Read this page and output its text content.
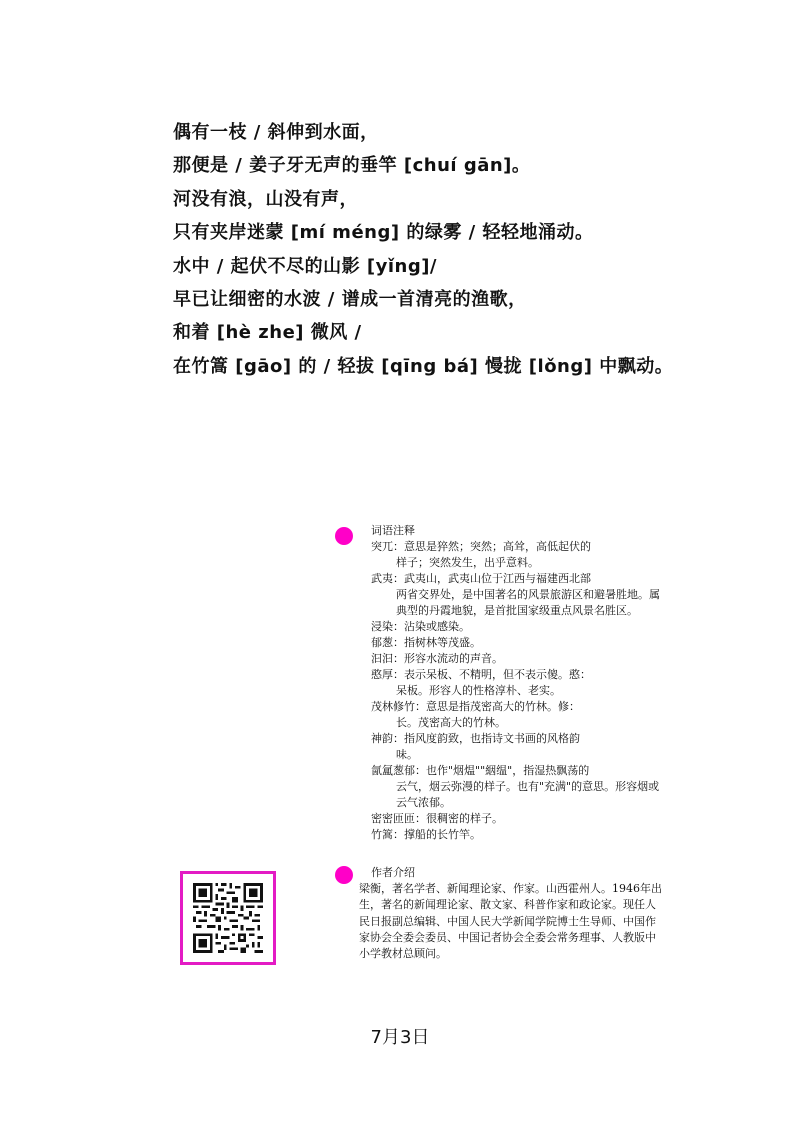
偶有一枝 / 斜伸到水面，
那便是 / 姜子牙无声的垂竿 [chuí gān]。
河没有浪，山没有声，
只有夹岸迷蒙 [mí méng] 的绿雾 / 轻轻地涌动。
水中 / 起伏不尽的山影 [yǐng]/
早已让细密的水波 / 谱成一首清亮的渔歌，
和着 [hè zhe] 微风 /
在竹篙 [gāo] 的 / 轻拔 [qīng bá] 慢拢 [lǒng] 中飘动。
词语注释
突兀：意思是猝然；突然；高耸，高低起伏的
样子；突然发生，出乎意料。
武夷：武夷山，武夷山位于江西与福建西北部
两省交界处，是中国著名的风景旅游区和避暑胜地。属典型的丹霞地貌，是首批国家级重点风景名胜区。
浸染：沾染或感染。
郁葱：指树林等茂盛。
汩汩：形容水流动的声音。
憨厚：表示呆板、不精明，但不表示傻。憨：
呆板。形容人的性格淳朴、老实。
茂林修竹：意思是指茂密高大的竹林。修：
长。茂密高大的竹林。
神韵：指风度韵致，也指诗文书画的风格韵
味。
氤氲葱郁：也作"烟煴""絪缊"，指湿热飘荡的
云气，烟云弥漫的样子。也有"充满"的意思。形容烟或云气浓郁。
密密匝匝：很稠密的样子。
竹篙：撑船的长竹竿。
作者介绍
梁衡，著名学者、新闻理论家、作家。山西霍州人。1946年出生，著名的新闻理论家、散文家、科普作家和政论家。现任人民日报副总编辑、中国人民大学新闻学院博士生导师、中国作家协会全委会委员、中国记者协会全委会常务理事、人教版中小学教材总顾问。
7月3日
